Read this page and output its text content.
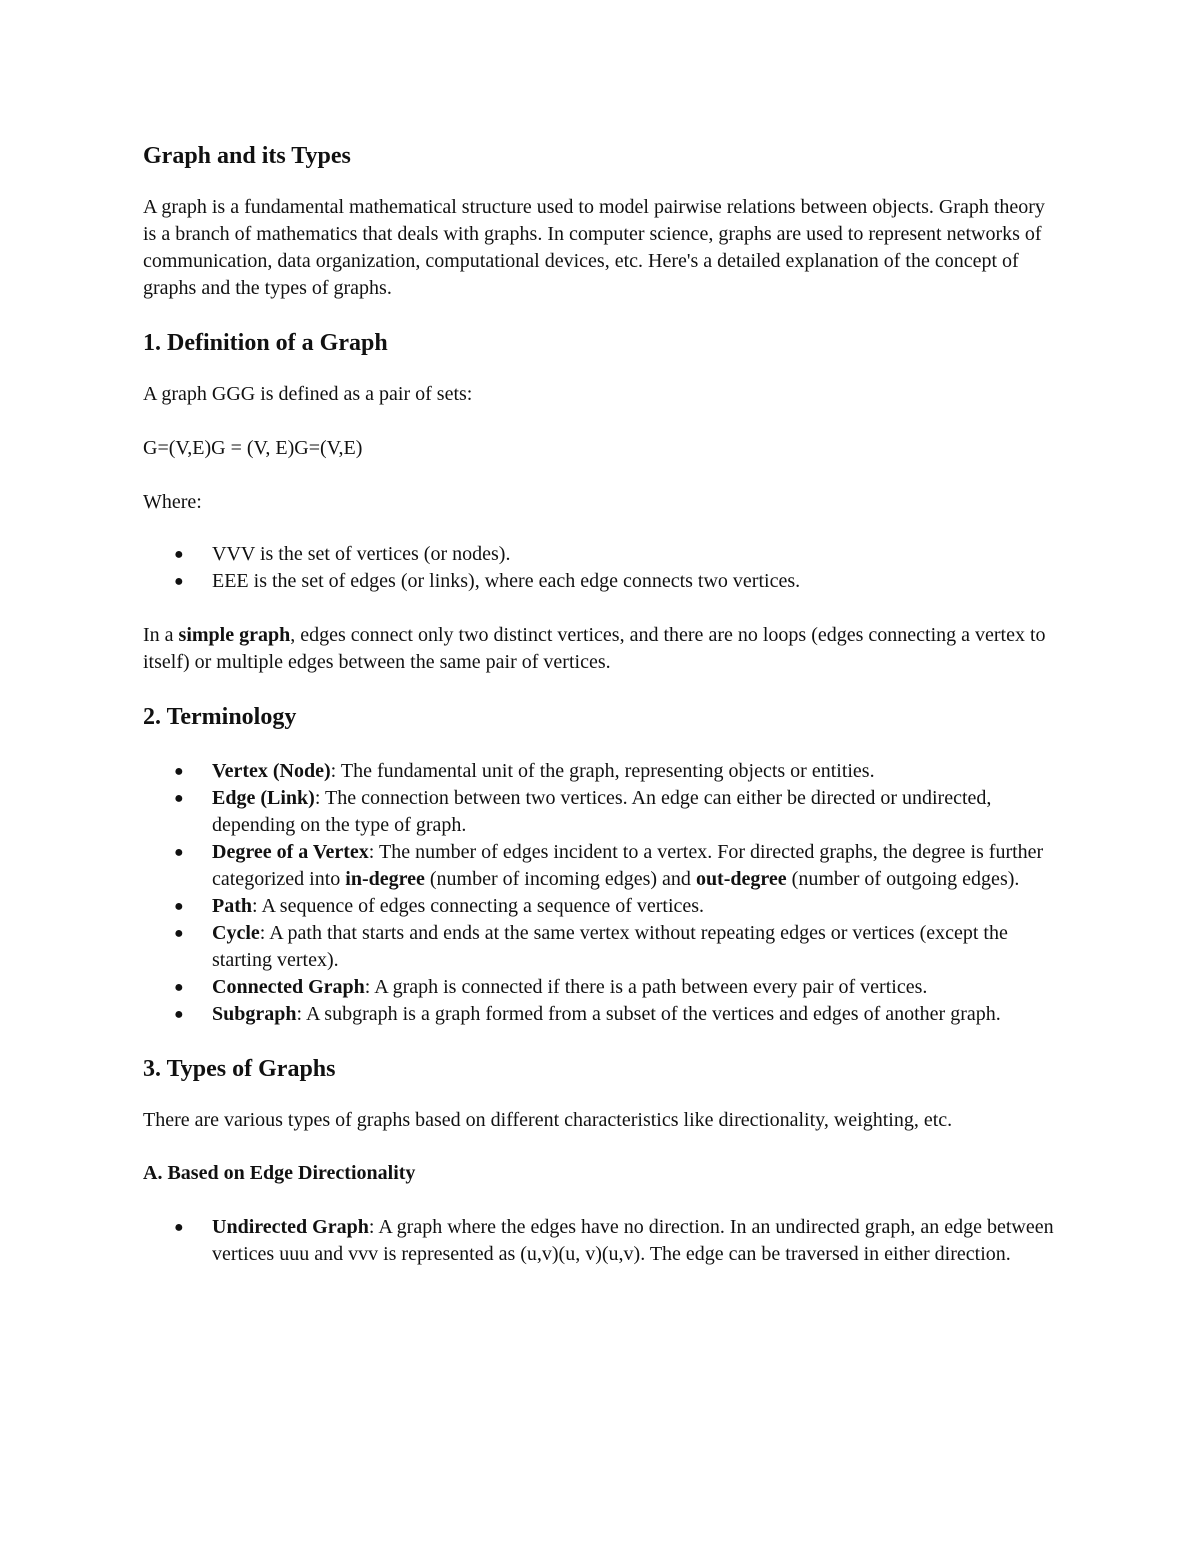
Graph and its Types

A graph is a fundamental mathematical structure used to model pairwise relations between objects. Graph theory is a branch of mathematics that deals with graphs. In computer science, graphs are used to represent networks of communication, data organization, computational devices, etc. Here's a detailed explanation of the concept of graphs and the types of graphs.

1. Definition of a Graph

A graph GGG is defined as a pair of sets:

G=(V,E)G = (V, E)G=(V,E)

Where:

● VVV is the set of vertices (or nodes).
● EEE is the set of edges (or links), where each edge connects two vertices.

In a simple graph, edges connect only two distinct vertices, and there are no loops (edges connecting a vertex to itself) or multiple edges between the same pair of vertices.

2. Terminology
● Vertex (Node): The fundamental unit of the graph, representing objects or entities.
● Edge (Link): The connection between two vertices. An edge can either be directed or undirected, depending on the type of graph.
● Degree of a Vertex: The number of edges incident to a vertex. For directed graphs, the degree is further categorized into in-degree (number of incoming edges) and out-degree (number of outgoing edges).
● Path: A sequence of edges connecting a sequence of vertices.
● Cycle: A path that starts and ends at the same vertex without repeating edges or vertices (except the starting vertex).
● Connected Graph: A graph is connected if there is a path between every pair of vertices.
● Subgraph: A subgraph is a graph formed from a subset of the vertices and edges of another graph.
3. Types of Graphs

There are various types of graphs based on different characteristics like directionality, weighting, etc.

A. Based on Edge Directionality
● Undirected Graph: A graph where the edges have no direction. In an undirected graph, an edge between vertices uuu and vvv is represented as (u,v)(u, v)(u,v). The edge can be traversed in either direction.
